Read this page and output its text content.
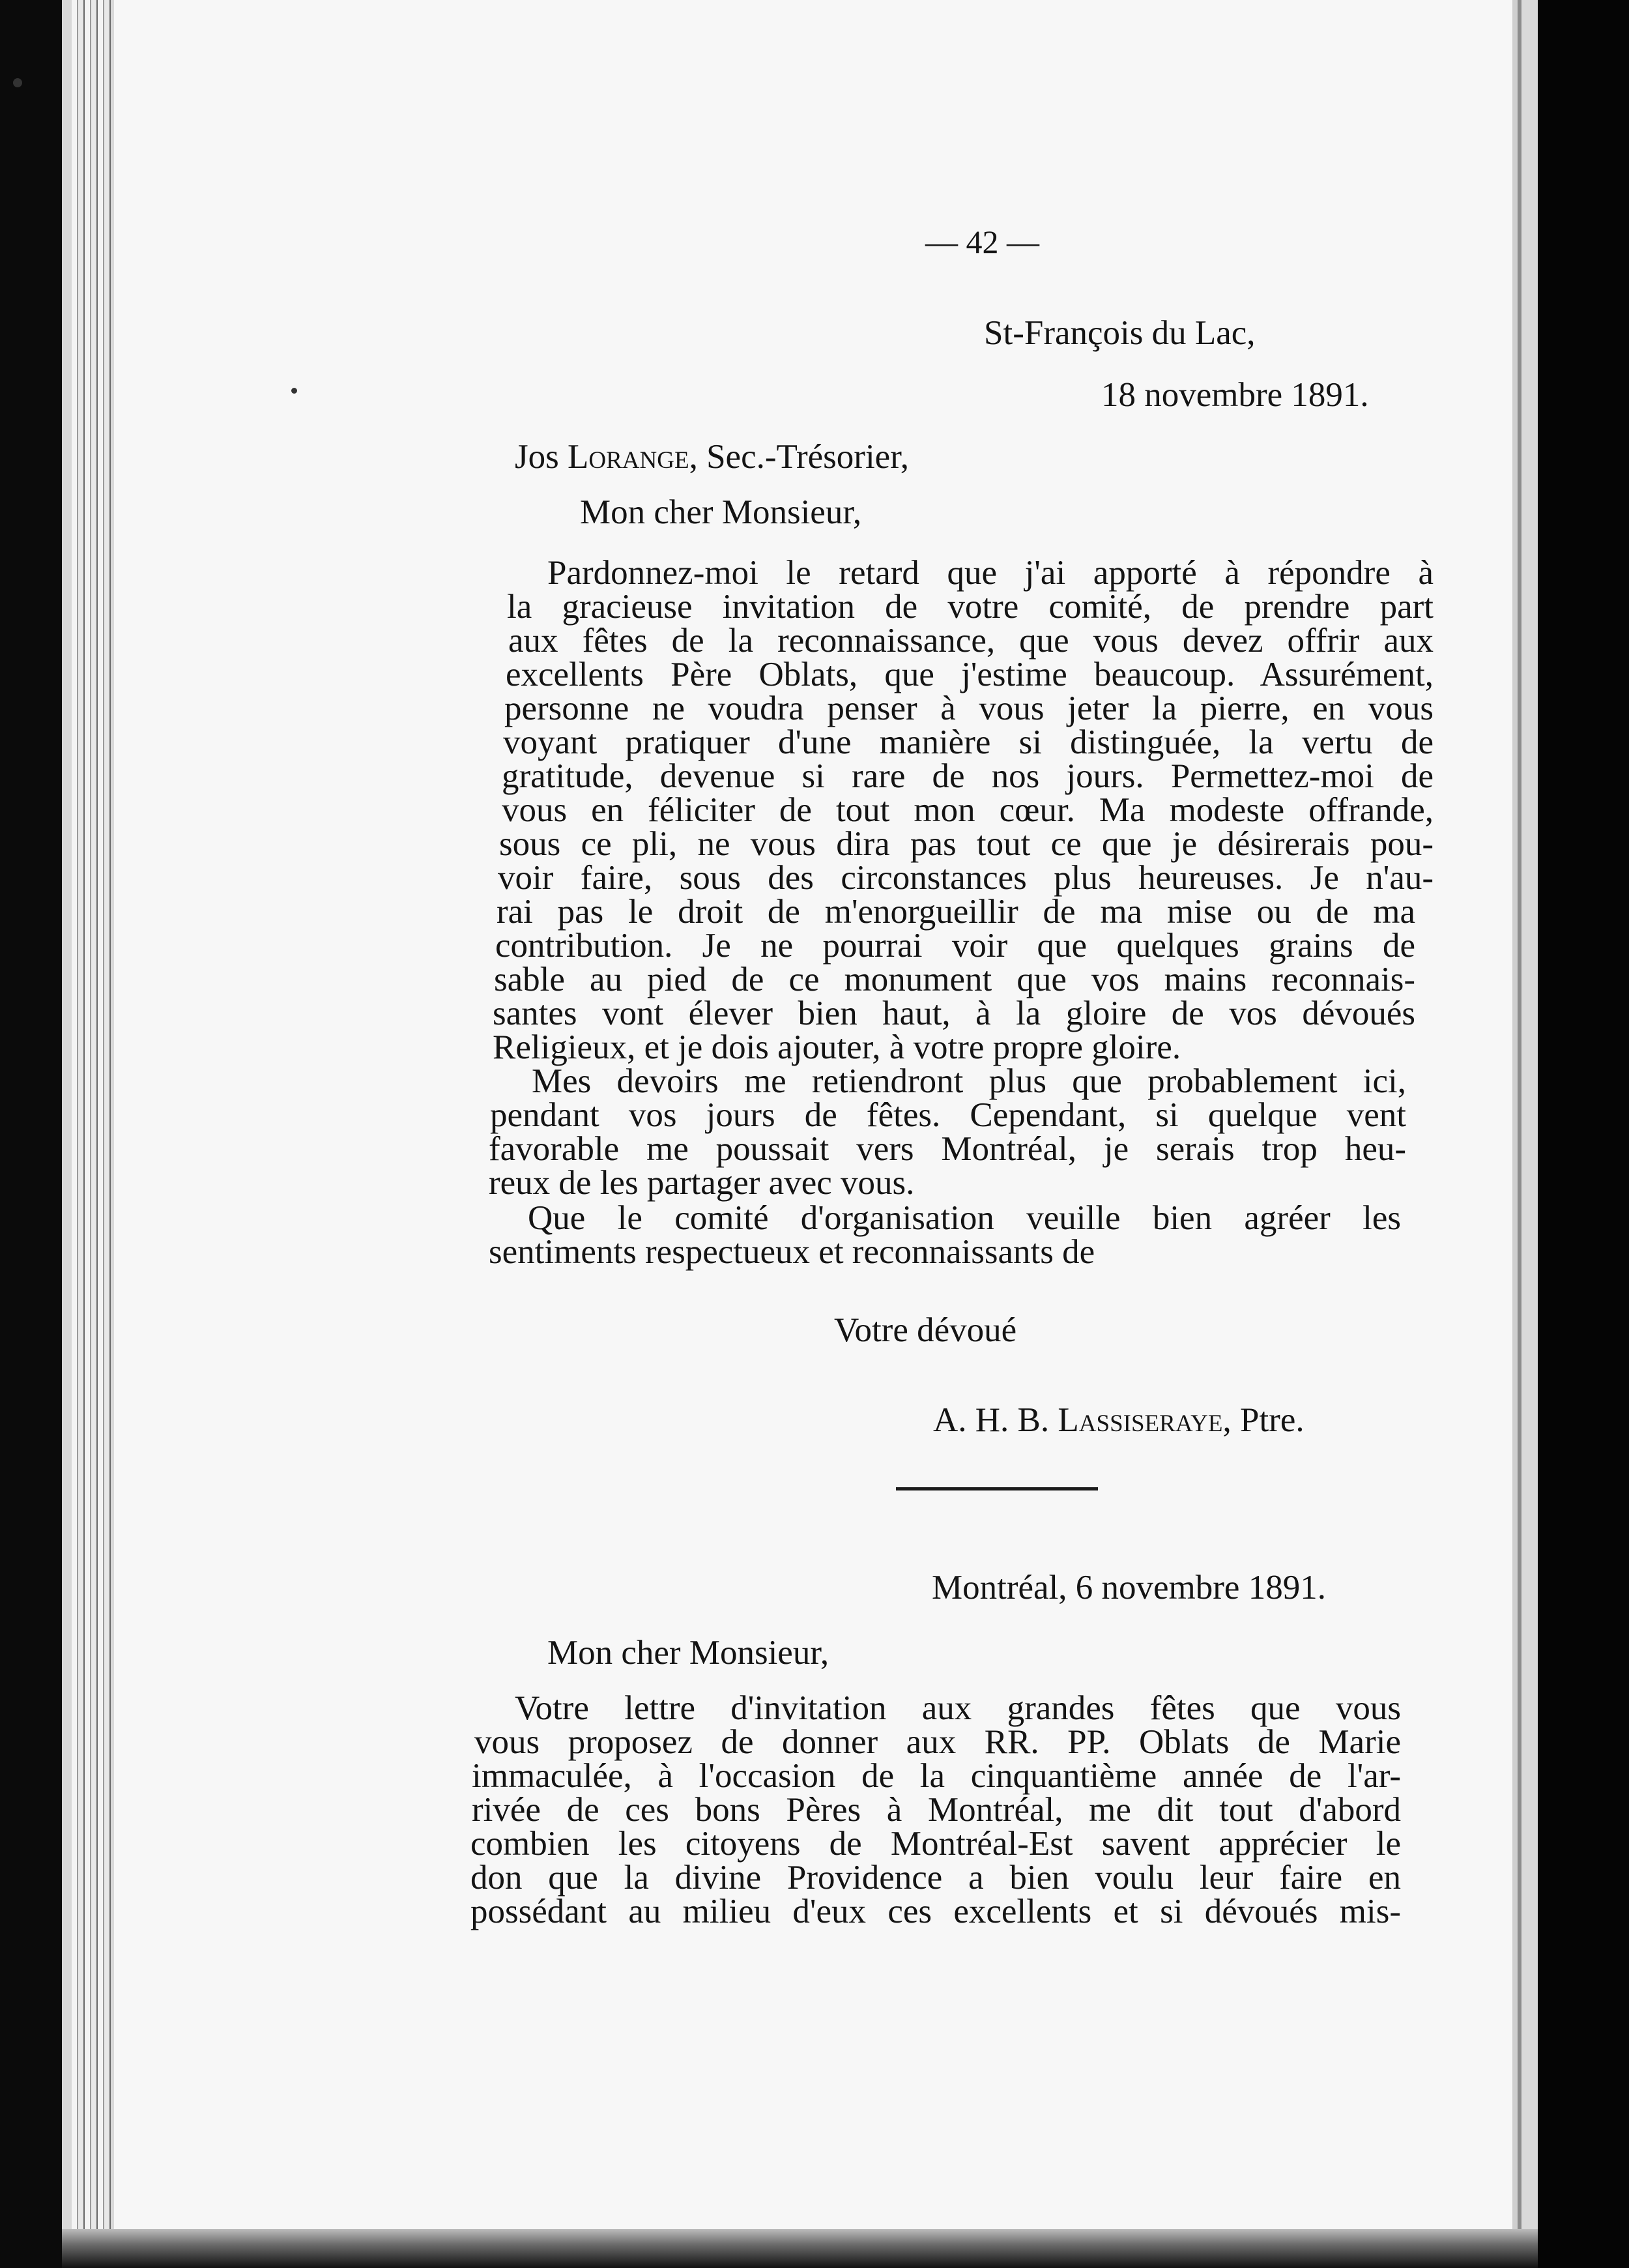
— 42 —
St-François du Lac,
18 novembre 1891.
Jos Lorange, Sec.-Trésorier,
Mon cher Monsieur,
Pardonnez-moi le retard que j'ai apporté à répondre à
la gracieuse invitation de votre comité, de prendre part
aux fêtes de la reconnaissance, que vous devez offrir aux
excellents Père Oblats, que j'estime beaucoup. Assurément,
personne ne voudra penser à vous jeter la pierre, en vous
voyant pratiquer d'une manière si distinguée, la vertu de
gratitude, devenue si rare de nos jours. Permettez-moi de
vous en féliciter de tout mon cœur. Ma modeste offrande,
sous ce pli, ne vous dira pas tout ce que je désirerais pou-
voir faire, sous des circonstances plus heureuses. Je n'au-
rai pas le droit de m'enorgueillir de ma mise ou de ma
contribution. Je ne pourrai voir que quelques grains de
sable au pied de ce monument que vos mains reconnais-
santes vont élever bien haut, à la gloire de vos dévoués
Religieux, et je dois ajouter, à votre propre gloire.
Mes devoirs me retiendront plus que probablement ici,
pendant vos jours de fêtes. Cependant, si quelque vent
favorable me poussait vers Montréal, je serais trop heu-
reux de les partager avec vous.
Que le comité d'organisation veuille bien agréer les
sentiments respectueux et reconnaissants de
Votre dévoué
A. H. B. Lassiseraye, Ptre.
Montréal, 6 novembre 1891.
Mon cher Monsieur,
Votre lettre d'invitation aux grandes fêtes que vous
vous proposez de donner aux RR. PP. Oblats de Marie
immaculée, à l'occasion de la cinquantième année de l'ar-
rivée de ces bons Pères à Montréal, me dit tout d'abord
combien les citoyens de Montréal-Est savent apprécier le
don que la divine Providence a bien voulu leur faire en
possédant au milieu d'eux ces excellents et si dévoués mis-
